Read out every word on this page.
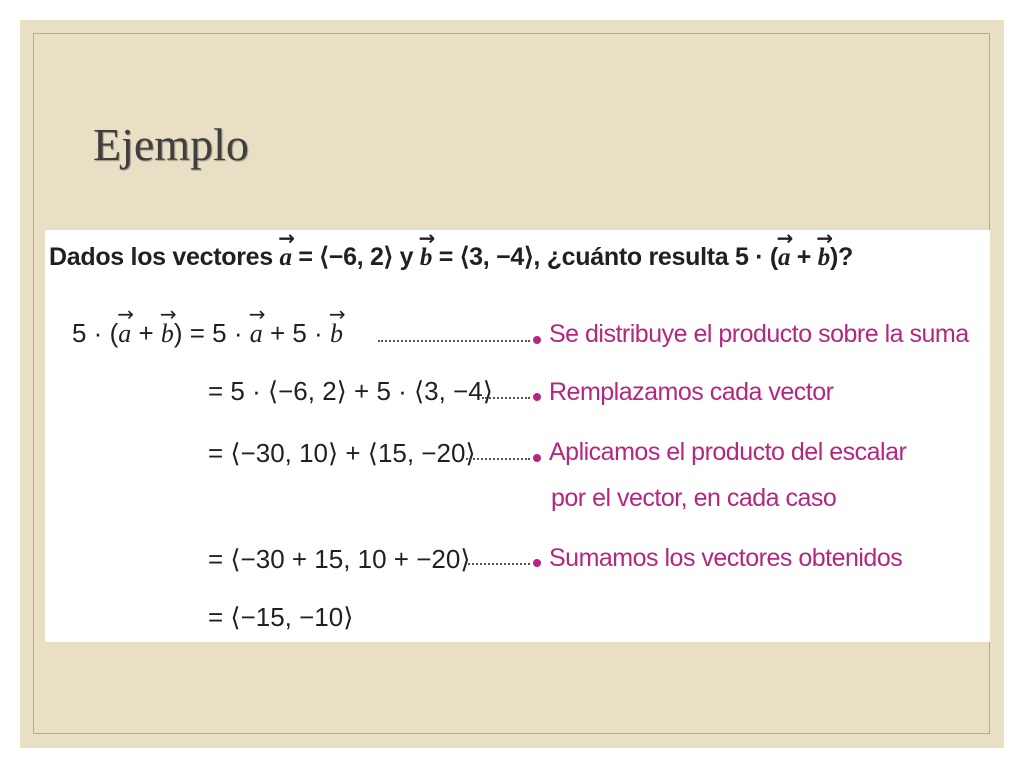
Ejemplo
Dados los vectores → a = ⟨−6, 2⟩ y → b = ⟨3, −4⟩, ¿cuánto resulta 5 · (→ a + → b)?
5 · (→ a + → b) = 5 · → a + 5 · → b	Se distribuye el producto sobre la suma
= 5 · ⟨−6, 2⟩ + 5 · ⟨3, −4⟩ Remplazamos cada vector
= ⟨−30, 10⟩ + ⟨15, −20⟩	Aplicamos el producto del escalar
por el vector, en cada caso
= ⟨−30 + 15, 10 + −20⟩	Sumamos los vectores obtenidos
= ⟨−15, −10⟩
